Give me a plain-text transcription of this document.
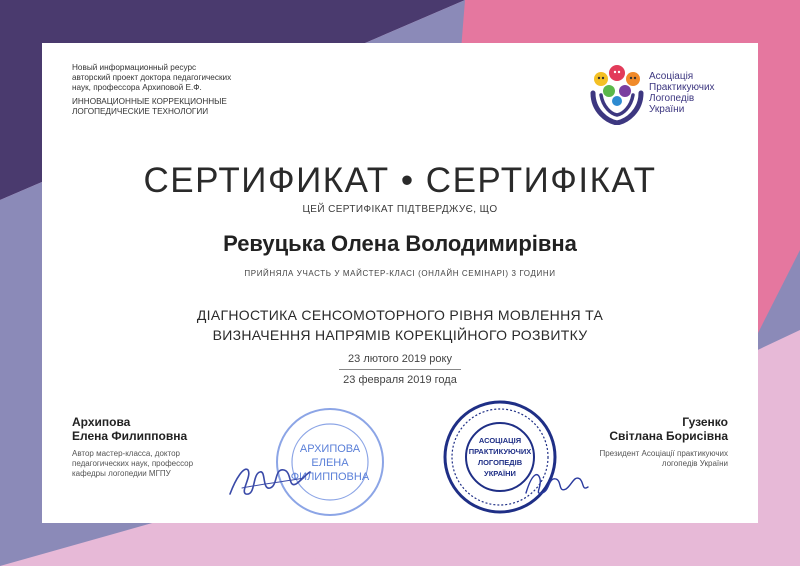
Новый информационный ресурс
авторский проект доктора педагогических
наук, профессора Архиповой Е.Ф.
ИННОВАЦИОННЫЕ КОРРЕКЦИОННЫЕ
ЛОГОПЕДИЧЕСКИЕ ТЕХНОЛОГИИ
Асоціація
Практикуючих
Логопедів
України
СЕРТИФИКАТ • СЕРТИФІКАТ
ЦЕЙ СЕРТИФІКАТ ПІДТВЕРДЖУЄ, ЩО
Ревуцька Олена Володимирівна
ПРИЙНЯЛА УЧАСТЬ У МАЙСТЕР-КЛАСІ (ОНЛАЙН СЕМІНАРІ) 3 ГОДИНИ
ДІАГНОСТИКА СЕНСОМОТОРНОГО РІВНЯ МОВЛЕННЯ ТА
ВИЗНАЧЕННЯ НАПРЯМІВ КОРЕКЦІЙНОГО РОЗВИТКУ
23 лютого 2019 року
23 февраля 2019 года
Архипова
Елена Филипповна
Автор мастер-класса, доктор
педагогических наук, профессор
кафедры логопедии МГПУ
АРХИПОВА
ЕЛЕНА
ФИЛИППОВНА
АСОЦІАЦІЯ
ПРАКТИКУЮЧИХ
ЛОГОПЕДІВ
УКРАЇНИ
Гузенко
Світлана Борисівна
Президент Асоціації практикуючих
логопедів України
